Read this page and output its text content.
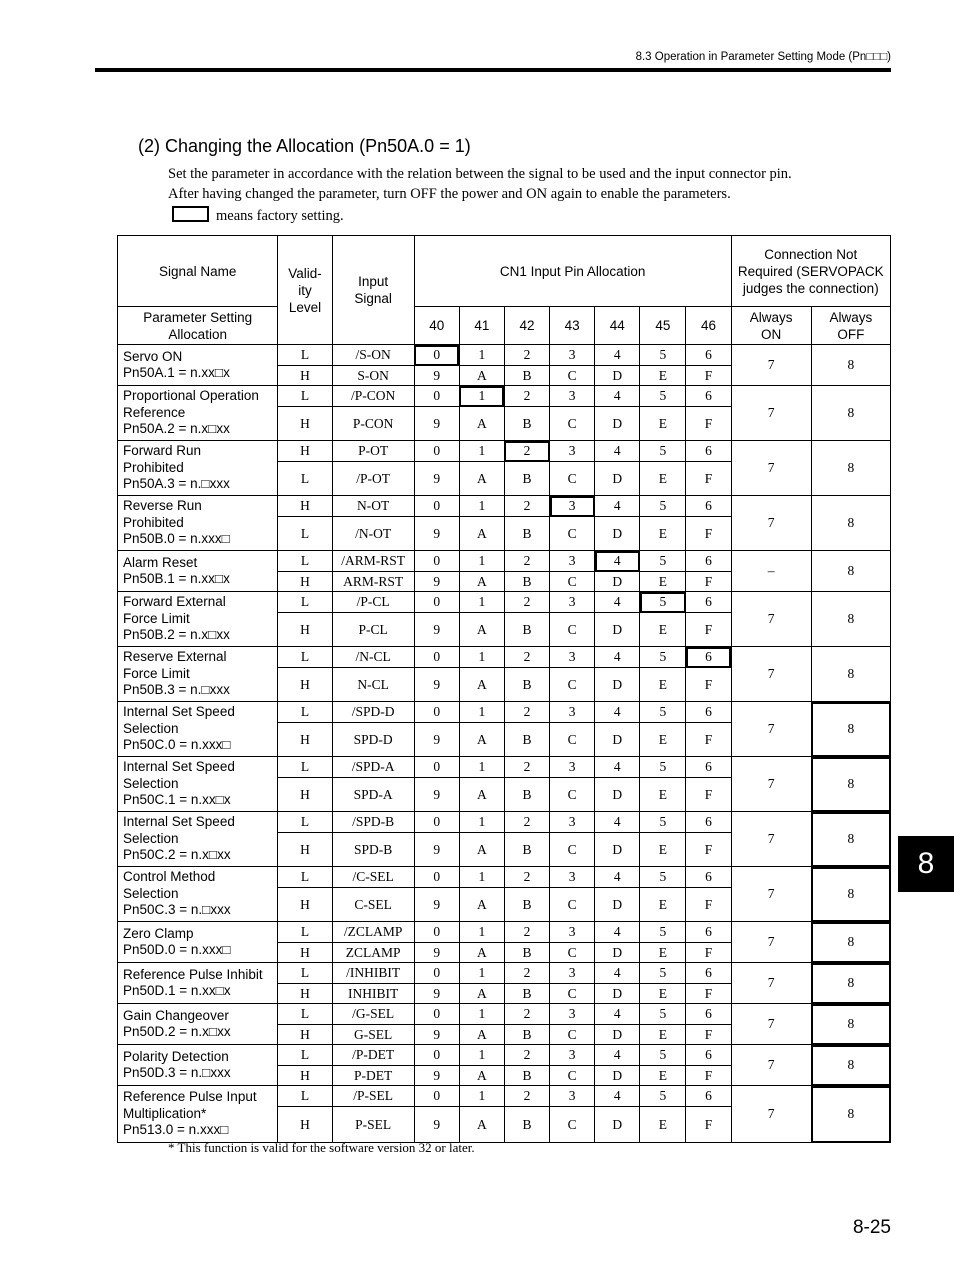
8.3 Operation in Parameter Setting Mode (Pn□□□)
(2) Changing the Allocation (Pn50A.0 = 1)

Set the parameter in accordance with the relation between the signal to be used and the input connector pin.

After having changed the parameter, turn OFF the power and ON again to enable the parameters.

means factory setting.
Signal Name	Valid- ity Level	Input Signal	CN1 Input Pin Allocation							Connection Not Required (SERVOPACK judges the connection)	
Parameter Setting Allocation			40	41	42	43	44	45	46	Always ON	Always OFF

Servo ON
Pn50A.1 = n.xx□x	L	/S-ON	0	1	2	3	4	5	6	7	8
	H	S-ON	9	A	B	C	D	E	F		

Proportional Operation
Reference
Pn50A.2 = n.x□xx	L	/P-CON	0	1	2	3	4	5	6	7	8
	H	P-CON	9	A	B	C	D	E	F		

Forward Run
Prohibited
Pn50A.3 = n.□xxx	H	P-OT	0	1	2	3	4	5	6	7	8
	L	/P-OT	9	A	B	C	D	E	F		

Reverse Run
Prohibited
Pn50B.0 = n.xxx□	H	N-OT	0	1	2	3	4	5	6	7	8
	L	/N-OT	9	A	B	C	D	E	F		

Alarm Reset
Pn50B.1 = n.xx□x	L	/ARM-RST	0	1	2	3	4	5	6	–	8
	H	ARM-RST	9	A	B	C	D	E	F		

Forward External
Force Limit
Pn50B.2 = n.x□xx	L	/P-CL	0	1	2	3	4	5	6	7	8
	H	P-CL	9	A	B	C	D	E	F		

Reserve External
Force Limit
Pn50B.3 = n.□xxx	L	/N-CL	0	1	2	3	4	5	6	7	8
	H	N-CL	9	A	B	C	D	E	F		

Internal Set Speed
Selection
Pn50C.0 = n.xxx□	L	/SPD-D	0	1	2	3	4	5	6	7	8
	H	SPD-D	9	A	B	C	D	E	F		

Internal Set Speed
Selection
Pn50C.1 = n.xx□x	L	/SPD-A	0	1	2	3	4	5	6	7	8
	H	SPD-A	9	A	B	C	D	E	F		

Internal Set Speed
Selection
Pn50C.2 = n.x□xx	L	/SPD-B	0	1	2	3	4	5	6	7	8
	H	SPD-B	9	A	B	C	D	E	F		

Control Method
Selection
Pn50C.3 = n.□xxx	L	/C-SEL	0	1	2	3	4	5	6	7	8
	H	C-SEL	9	A	B	C	D	E	F		

Zero Clamp
Pn50D.0 = n.xxx□	L	/ZCLAMP	0	1	2	3	4	5	6	7	8
	H	ZCLAMP	9	A	B	C	D	E	F		

Reference Pulse Inhibit
Pn50D.1 = n.xx□x	L	/INHIBIT	0	1	2	3	4	5	6	7	8
	H	INHIBIT	9	A	B	C	D	E	F		

Gain Changeover
Pn50D.2 = n.x□xx	L	/G-SEL	0	1	2	3	4	5	6	7	8
	H	G-SEL	9	A	B	C	D	E	F		

Polarity Detection
Pn50D.3 = n.□xxx	L	/P-DET	0	1	2	3	4	5	6	7	8
	H	P-DET	9	A	B	C	D	E	F		

Reference Pulse Input
Multiplication*
Pn513.0 = n.xxx□	L	/P-SEL	0	1	2	3	4	5	6	7	8
	H	P-SEL	9	A	B	C	D	E	F		
* This function is valid for the software version 32 or later.
8
8-25
